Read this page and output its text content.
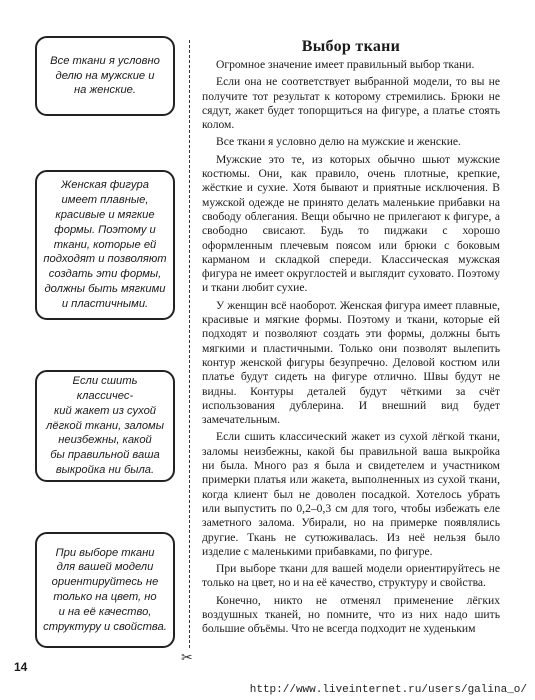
Все ткани я условно
делю на мужские и
на женские.
Женская фигура
имеет плавные,
красивые и мягкие
формы. Поэтому и
ткани, которые ей
подходят и позволяют
создать эти формы,
должны быть мягкими
и пластичными.
Если сшить классичес-
кий жакет из сухой
лёгкой ткани, заломы
неизбежны, какой
бы правильной ваша
выкройка ни была.
При выборе ткани
для вашей модели
ориентируйтесь не
только на цвет, но
и на её качество,
структуру и свойства.
✂
Выбор ткани

Огромное значение имеет правильный выбор ткани.

Если она не соответствует выбранной модели, то вы не получите тот результат к которому стремились. Брюки не сядут, жакет будет топорщиться на фигуре, а платье стоять колом.

Все ткани я условно делю на мужские и женские.

Мужские это те, из которых обычно шьют мужские костюмы. Они, как правило, очень плотные, крепкие, жёсткие и сухие. Хотя бывают и приятные исключения. В мужской одежде не принято делать маленькие прибавки на свободу облегания. Вещи обычно не прилегают к фигуре, а свободно свисают. Будь то пиджаки с хорошо оформленным плечевым поясом или брюки с боковым карманом и складкой спереди. Классическая мужская фигура не имеет округлостей и выглядит суховато. Поэтому и ткани любит сухие.

У женщин всё наоборот. Женская фигура имеет плавные, красивые и мягкие формы. Поэтому и ткани, которые ей подходят и позволяют создать эти формы, должны быть мягкими и пластичными. Только они позволят вылепить контур женской фигуры безупречно. Деловой костюм или платье будут сидеть на фигуре отлично. Швы будут не видны. Контуры деталей будут чёткими за счёт использования дублерина. И внешний вид будет замечательным.

Если сшить классический жакет из сухой лёгкой ткани, заломы неизбежны, какой бы правильной ваша выкройка ни была. Много раз я была и свидетелем и участником примерки платья или жакета, выполненных из сухой ткани, когда клиент был не доволен посадкой. Хотелось убрать или выпустить по 0,2–0,3 см для того, чтобы избежать еле заметного залома. Убирали, но на примерке появлялись другие. Ткань не сутюживалась. Из неё нельзя было изделие с маленькими прибавками, по фигуре.

При выборе ткани для вашей модели ориентируйтесь не только на цвет, но и на её качество, структуру и свойства.

Конечно, никто не отменял применение лёгких воздушных тканей, но помните, что из них надо шить большие объёмы. Что не всегда подходит не худеньким

14
http://www.liveinternet.ru/users/galina_o/
